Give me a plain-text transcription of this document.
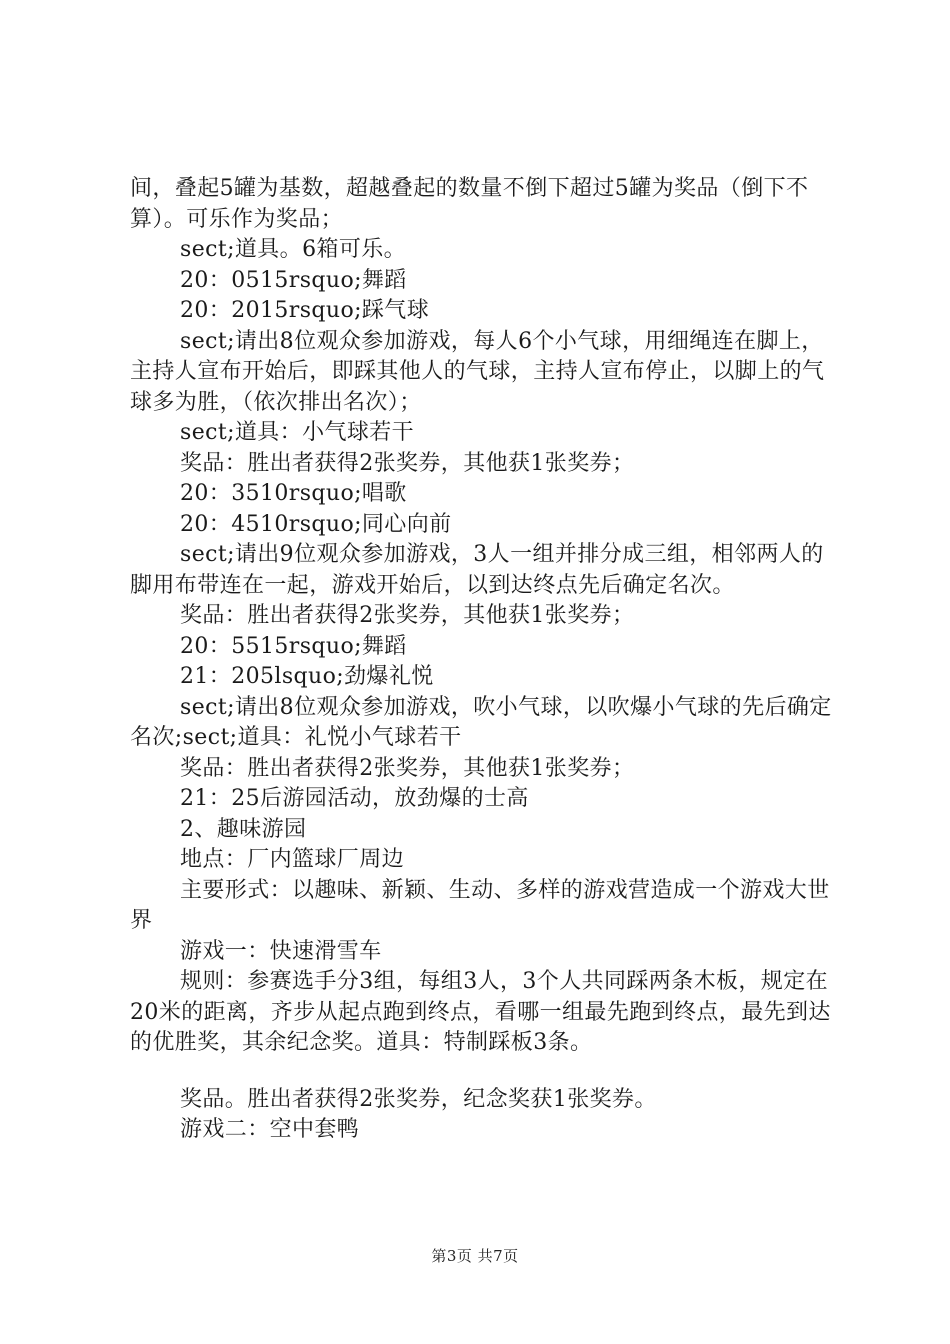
间，叠起5罐为基数，超越叠起的数量不倒下超过5罐为奖品（倒下不算）。可乐作为奖品；

sect;道具。6箱可乐。

20：0515rsquo;舞蹈

20：2015rsquo;踩气球

sect;请出8位观众参加游戏，每人6个小气球，用细绳连在脚上，主持人宣布开始后，即踩其他人的气球，主持人宣布停止，以脚上的气球多为胜，（依次排出名次）；

sect;道具：小气球若干

奖品：胜出者获得2张奖券，其他获1张奖券；

20：3510rsquo;唱歌

20：4510rsquo;同心向前

sect;请出9位观众参加游戏，3人一组并排分成三组，相邻两人的脚用布带连在一起，游戏开始后，以到达终点先后确定名次。

奖品：胜出者获得2张奖券，其他获1张奖券；

20：5515rsquo;舞蹈

21：205lsquo;劲爆礼悦

sect;请出8位观众参加游戏，吹小气球，以吹爆小气球的先后确定名次;sect;道具：礼悦小气球若干

奖品：胜出者获得2张奖券，其他获1张奖券；

21：25后游园活动，放劲爆的士高

2、趣味游园

地点：厂内篮球厂周边

主要形式：以趣味、新颖、生动、多样的游戏营造成一个游戏大世界

游戏一：快速滑雪车

规则：参赛选手分3组，每组3人，3个人共同踩两条木板，规定在20米的距离，齐步从起点跑到终点，看哪一组最先跑到终点，最先到达的优胜奖，其余纪念奖。道具：特制踩板3条。

奖品。胜出者获得2张奖券，纪念奖获1张奖券。

游戏二：空中套鸭

第3页 共7页
